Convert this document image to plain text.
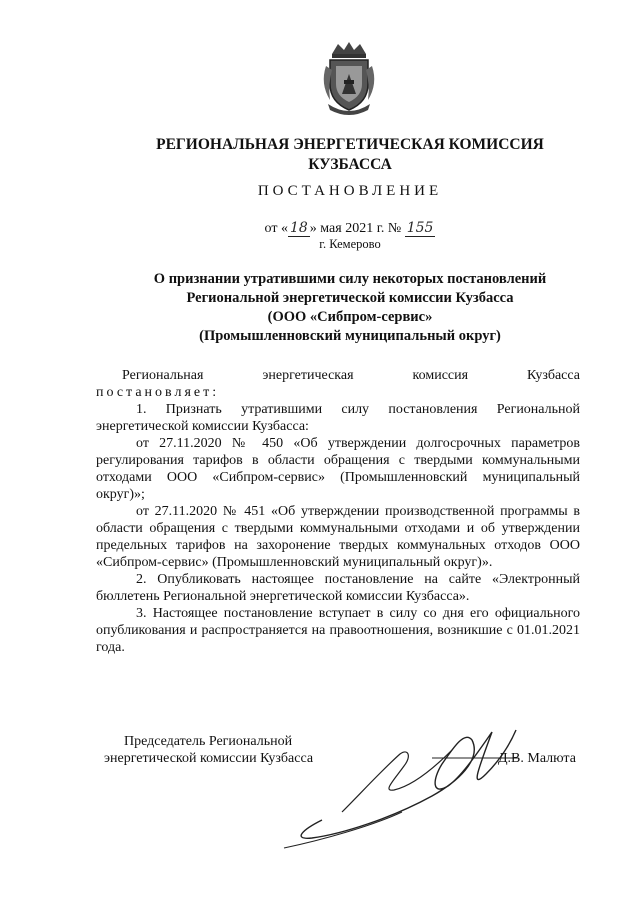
РЕГИОНАЛЬНАЯ ЭНЕРГЕТИЧЕСКАЯ КОМИССИЯ
КУЗБАССА
ПОСТАНОВЛЕНИЕ
от « 18 » мая 2021 г. № 155
г. Кемерово
О признании утратившими силу некоторых постановлений
Региональной энергетической комиссии Кузбасса
(ООО «Сибпром-сервис»
(Промышленновский муниципальный округ)
Региональная	энергетическая	комиссия	Кузбасса
постановляет:
1. Признать утратившими силу постановления Региональной энергетической комиссии Кузбасса:
от 27.11.2020 № 450 «Об утверждении долгосрочных параметров регулирования тарифов в области обращения с твердыми коммунальными отходами ООО «Сибпром-сервис» (Промышленновский муниципальный округ)»;
от 27.11.2020 № 451 «Об утверждении производственной программы в области обращения с твердыми коммунальными отходами и об утверждении предельных тарифов на захоронение твердых коммунальных отходов ООО «Сибпром-сервис» (Промышленновский муниципальный округ)».
2. Опубликовать настоящее постановление на сайте «Электронный бюллетень Региональной энергетической комиссии Кузбасса».
3. Настоящее постановление вступает в силу со дня его официального опубликования и распространяется на правоотношения, возникшие с 01.01.2021 года.
Председатель Региональной
энергетической комиссии Кузбасса	Д.В. Малюта
